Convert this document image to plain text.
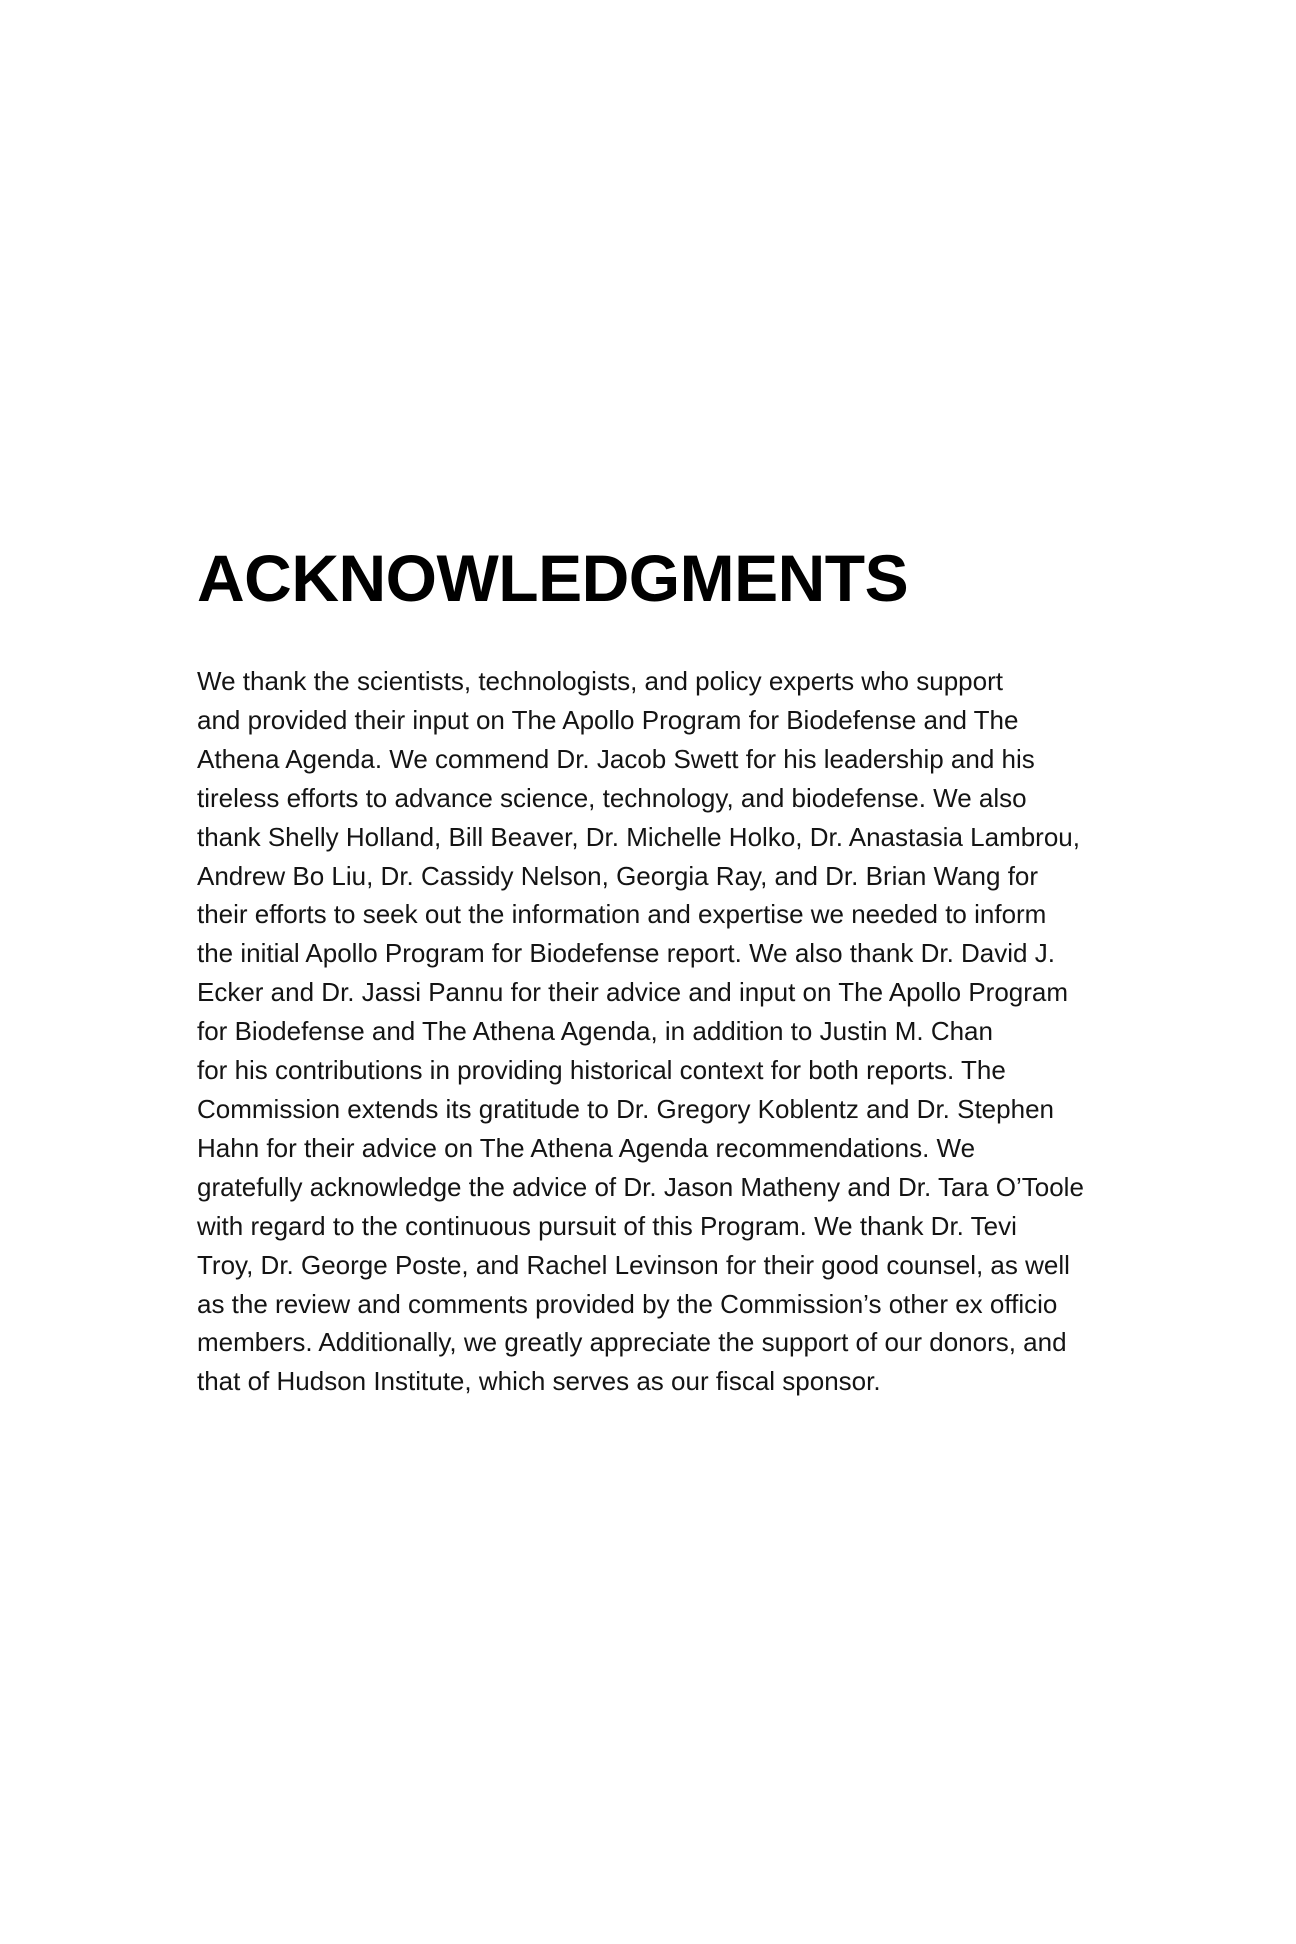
ACKNOWLEDGMENTS

We thank the scientists, technologists, and policy experts who support
and provided their input on The Apollo Program for Biodefense and The
Athena Agenda. We commend Dr. Jacob Swett for his leadership and his
tireless efforts to advance science, technology, and biodefense. We also
thank Shelly Holland, Bill Beaver, Dr. Michelle Holko, Dr. Anastasia Lambrou,
Andrew Bo Liu, Dr. Cassidy Nelson, Georgia Ray, and Dr. Brian Wang for
their efforts to seek out the information and expertise we needed to inform
the initial Apollo Program for Biodefense report. We also thank Dr. David J.
Ecker and Dr. Jassi Pannu for their advice and input on The Apollo Program
for Biodefense and The Athena Agenda, in addition to Justin M. Chan
for his contributions in providing historical context for both reports. The
Commission extends its gratitude to Dr. Gregory Koblentz and Dr. Stephen
Hahn for their advice on The Athena Agenda recommendations. We
gratefully acknowledge the advice of Dr. Jason Matheny and Dr. Tara O’Toole
with regard to the continuous pursuit of this Program. We thank Dr. Tevi
Troy, Dr. George Poste, and Rachel Levinson for their good counsel, as well
as the review and comments provided by the Commission’s other ex officio
members. Additionally, we greatly appreciate the support of our donors, and
that of Hudson Institute, which serves as our fiscal sponsor.
